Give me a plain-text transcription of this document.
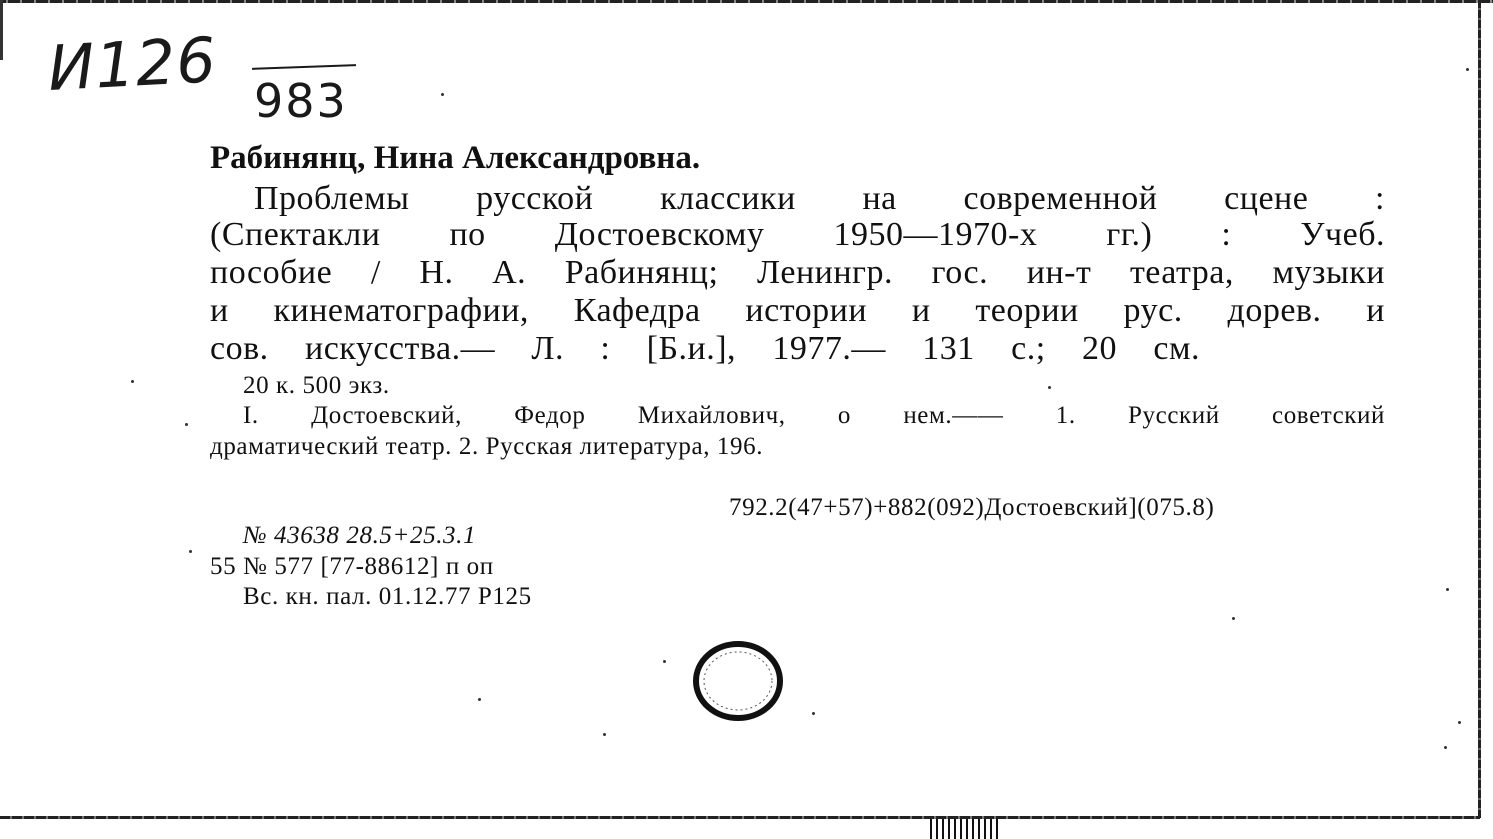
И126 983
Рабинянц, Нина Александровна.
Проблемы русской классики на современной сцене :
(Спектакли по Достоевскому 1950—1970-х гг.) : Учеб.
пособие / Н. А. Рабинянц; Ленингр. гос. ин-т театра, музыки
и кинематографии, Кафедра истории и теории рус. дорев. и
сов. искусства.— Л. : [Б.и.], 1977.— 131 с.; 20 см.
20 к. 500 экз.
I. Достоевский, Федор Михайлович, о нем.—— 1. Русский советский
драматический театр. 2. Русская литература, 196.
792.2(47+57)+882(092)Достоевский](075.8)
№ 43638 28.5+25.3.1
55 № 577 [77-88612] п оп
Вс. кн. пал. 01.12.77 Р125
